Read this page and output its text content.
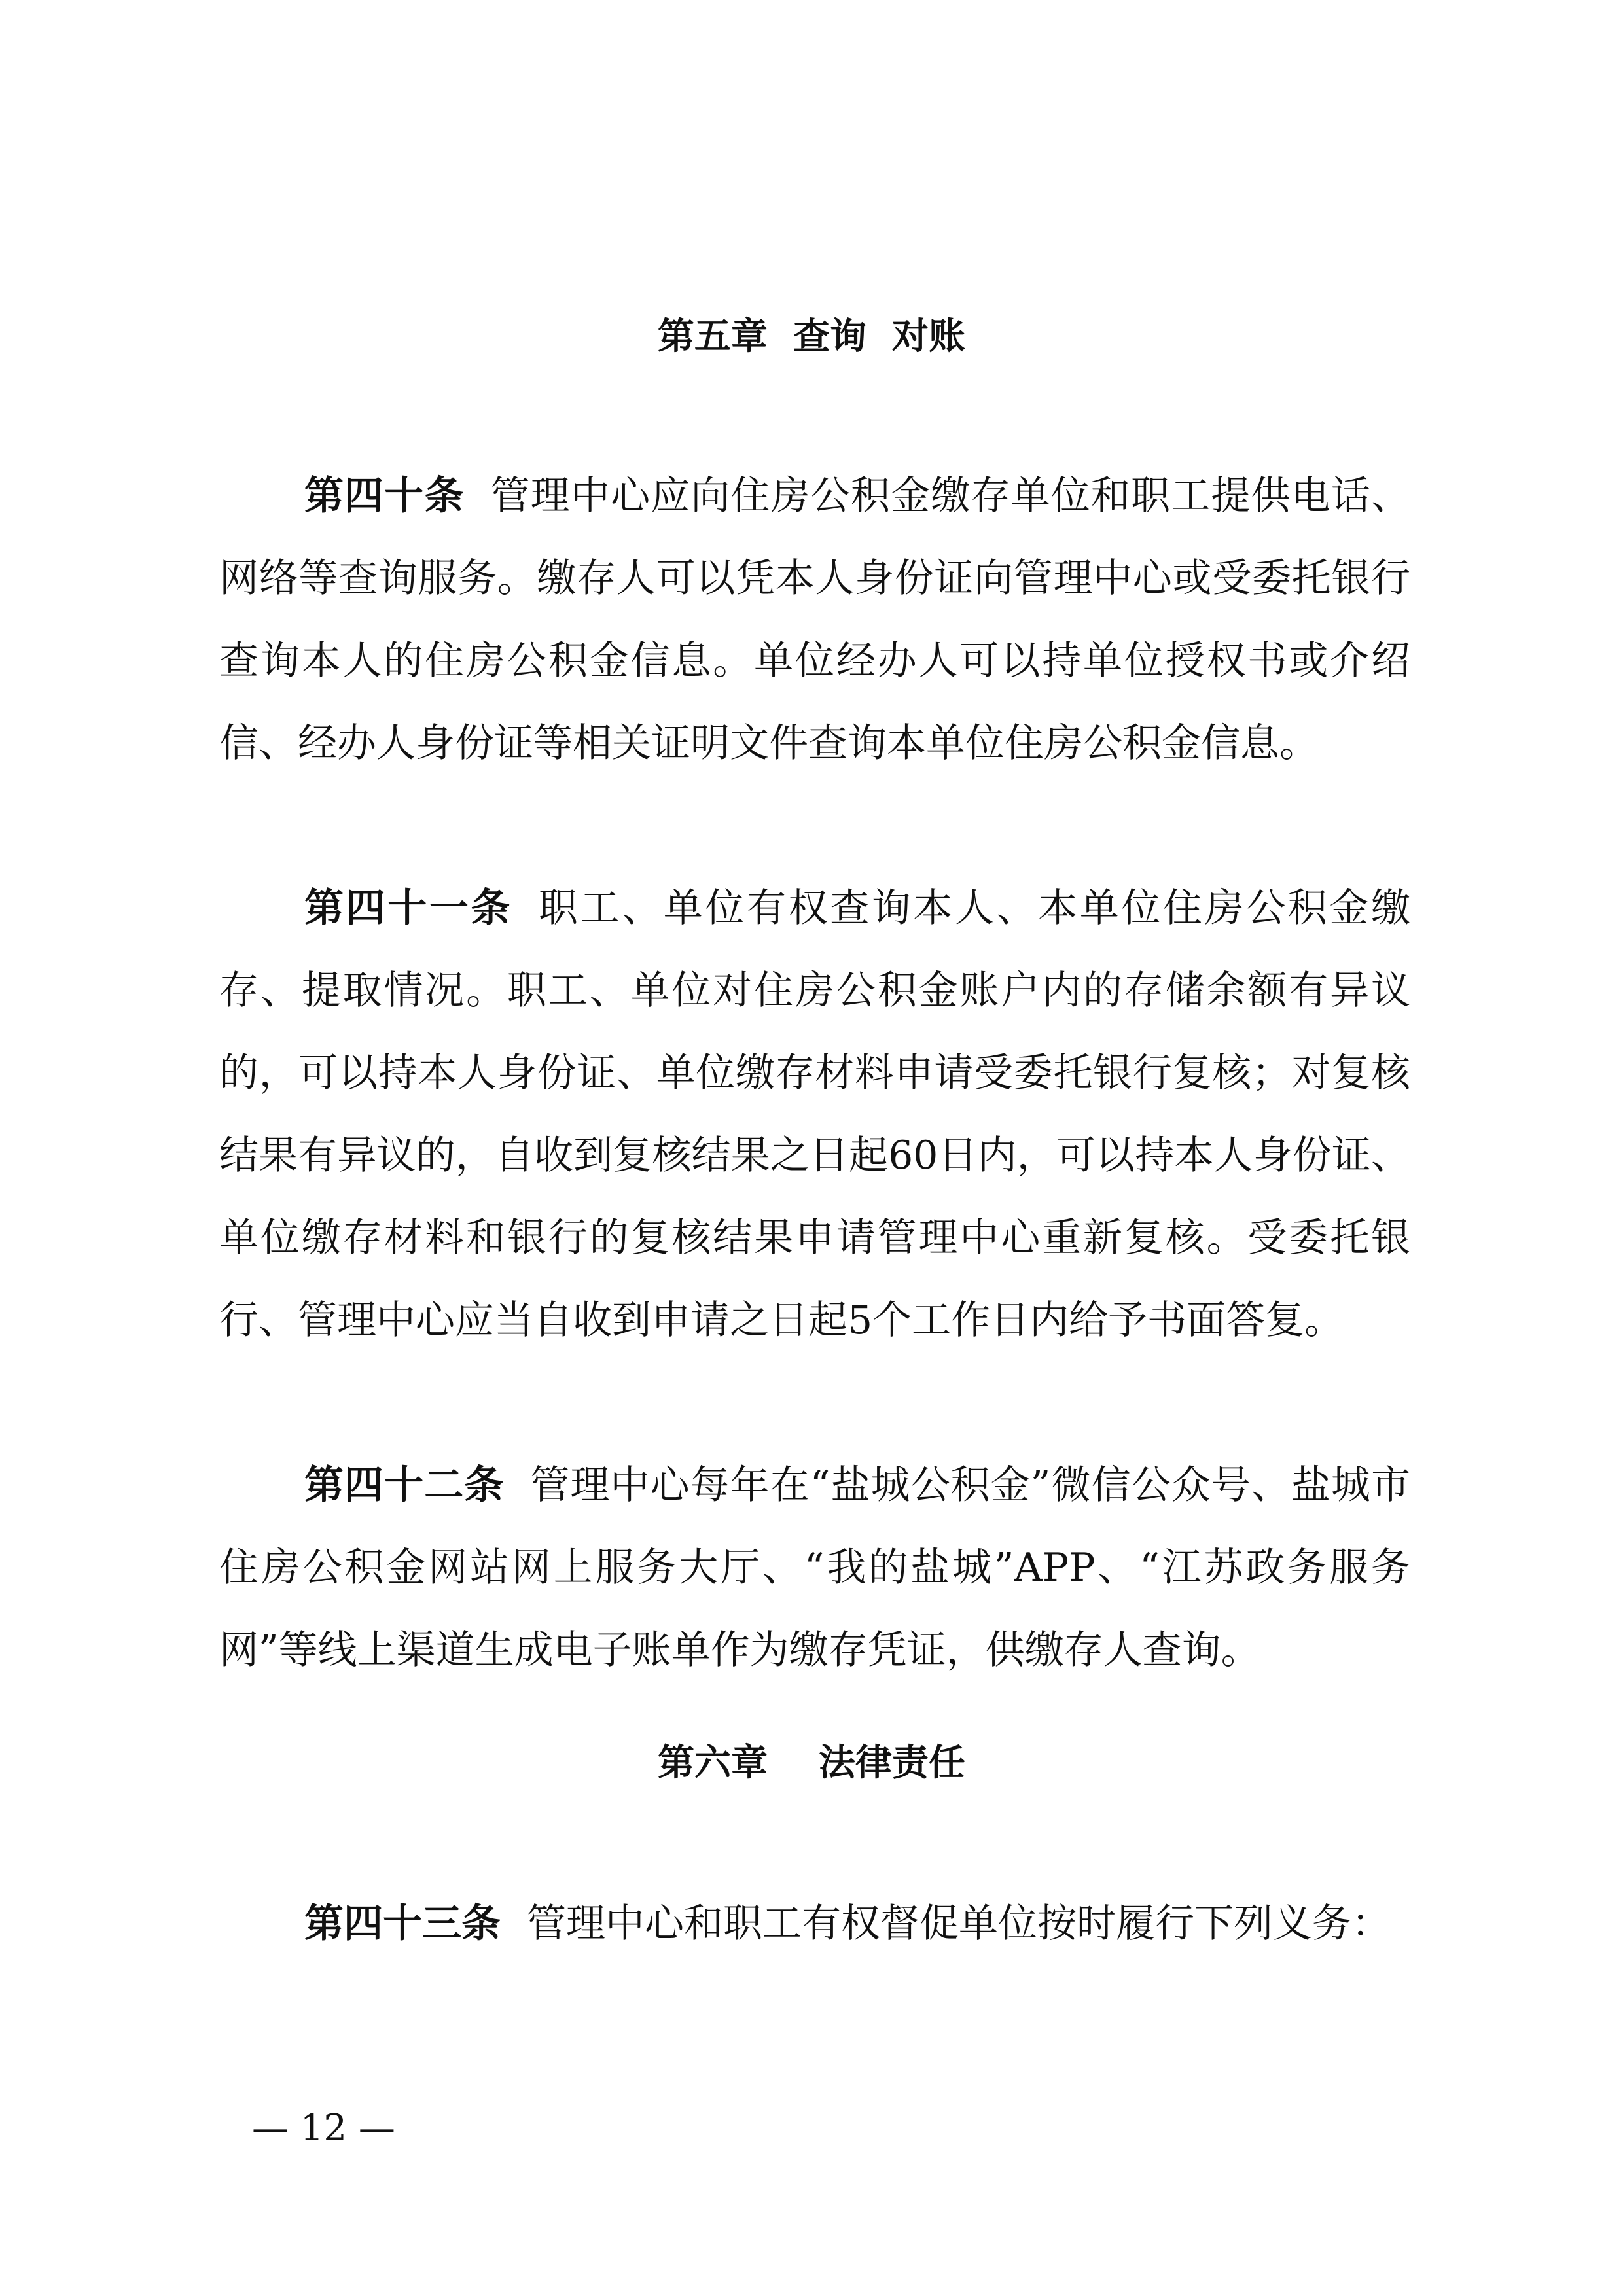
第五章  查询  对账

第四十条 管理中心应向住房公积金缴存单位和职工提供电话、网络等查询服务。缴存人可以凭本人身份证向管理中心或受委托银行查询本人的住房公积金信息。单位经办人可以持单位授权书或介绍信、经办人身份证等相关证明文件查询本单位住房公积金信息。

第四十一条 职工、单位有权查询本人、本单位住房公积金缴存、提取情况。职工、单位对住房公积金账户内的存储余额有异议的，可以持本人身份证、单位缴存材料申请受委托银行复核；对复核结果有异议的，自收到复核结果之日起60日内，可以持本人身份证、单位缴存材料和银行的复核结果申请管理中心重新复核。受委托银行、管理中心应当自收到申请之日起5个工作日内给予书面答复。

第四十二条 管理中心每年在“盐城公积金”微信公众号、盐城市住房公积金网站网上服务大厅、“我的盐城”APP、“江苏政务服务网”等线上渠道生成电子账单作为缴存凭证，供缴存人查询。

第六章    法律责任

第四十三条 管理中心和职工有权督促单位按时履行下列义务：

— 12 —
